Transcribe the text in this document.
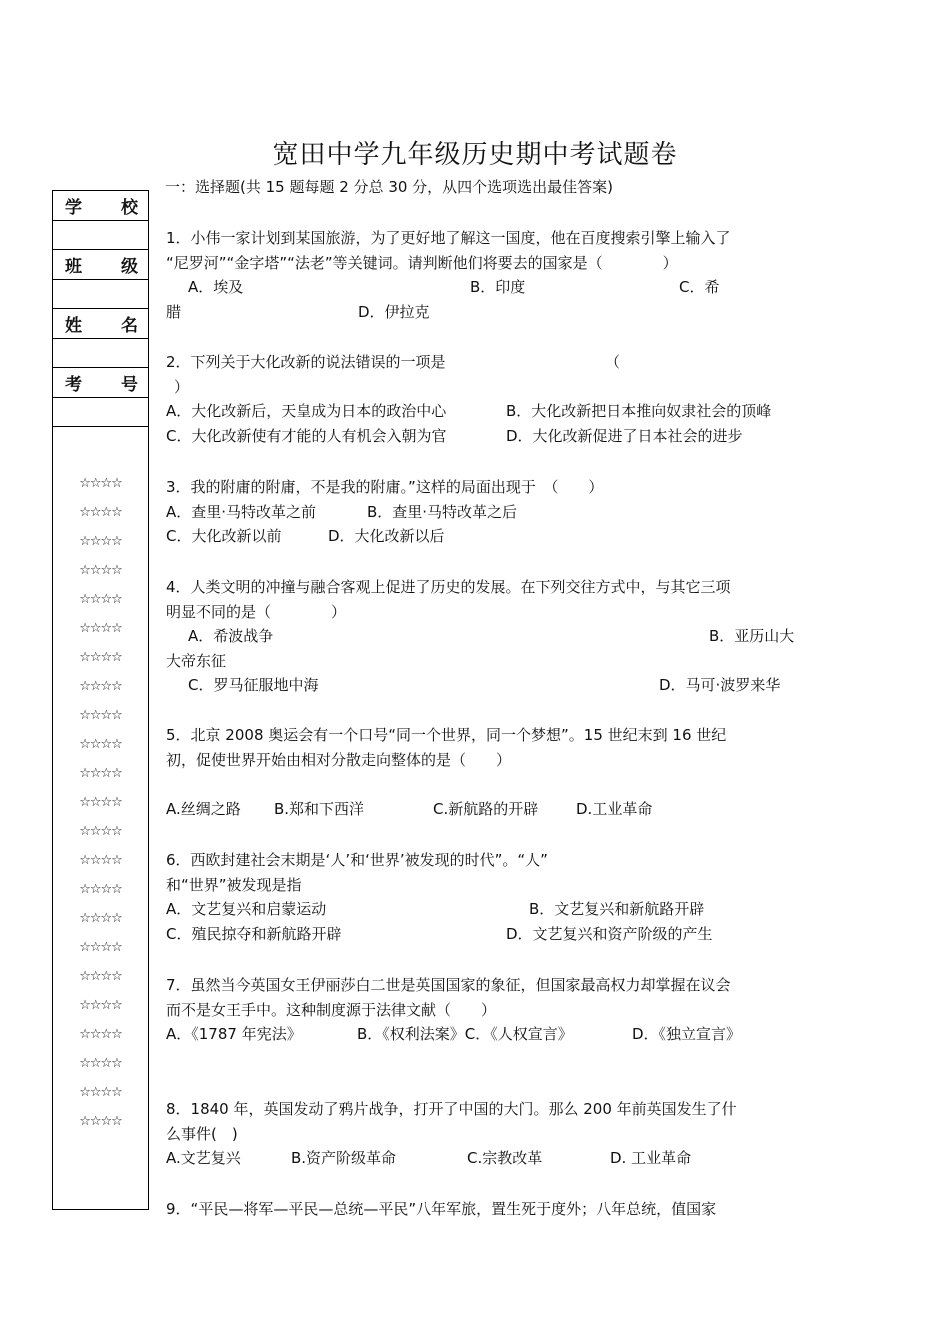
宽田中学九年级历史期中考试题卷
一：选择题(共 15 题每题 2 分总 30 分，从四个选项选出最佳答案)
学 校
班 级
姓 名
考 号
☆☆☆☆
☆☆☆☆
☆☆☆☆
☆☆☆☆
☆☆☆☆
☆☆☆☆
☆☆☆☆
☆☆☆☆
☆☆☆☆
☆☆☆☆
☆☆☆☆
☆☆☆☆
☆☆☆☆
☆☆☆☆
☆☆☆☆
☆☆☆☆
☆☆☆☆
☆☆☆☆
☆☆☆☆
☆☆☆☆
☆☆☆☆
☆☆☆☆
☆☆☆☆
1．小伟一家计划到某国旅游，为了更好地了解这一国度，他在百度搜索引擎上输入了
“尼罗河”“金字塔”“法老”等关键词。请判断他们将要去的国家是（　　　　）
A．埃及	B．印度	C．希
腊	D．伊拉克
2．下列关于大化改新的说法错误的一项是	（
）
A．大化改新后，天皇成为日本的政治中心	B．大化改新把日本推向奴隶社会的顶峰
C．大化改新使有才能的人有机会入朝为官	D．大化改新促进了日本社会的进步
3．我的附庸的附庸，不是我的附庸。”这样的局面出现于　（　　）
A．查里·马特改革之前	B．查里·马特改革之后
C．大化改新以前	D．大化改新以后
4．人类文明的冲撞与融合客观上促进了历史的发展。在下列交往方式中，与其它三项
明显不同的是（　　　　）
A．希波战争	B．亚历山大
大帝东征
C．罗马征服地中海	D．马可·波罗来华
5．北京 2008 奥运会有一个口号“同一个世界，同一个梦想”。15 世纪末到 16 世纪
初，促使世界开始由相对分散走向整体的是（　　）
A.丝绸之路 B.郑和下西洋	C.新航路的开辟	D.工业革命
6．西欧封建社会末期是‘人’和‘世界’被发现的时代”。“人”
和“世界”被发现是指
A．文艺复兴和启蒙运动	B．文艺复兴和新航路开辟
C．殖民掠夺和新航路开辟	D．文艺复兴和资产阶级的产生
7．虽然当今英国女王伊丽莎白二世是英国国家的象征，但国家最高权力却掌握在议会
而不是女王手中。这种制度源于法律文献（　　）
A．《1787 年宪法》	B．《权利法案》C．《人权宣言》	D．《独立宣言》
8．1840 年，英国发动了鸦片战争，打开了中国的大门。那么 200 年前英国发生了什
么事件(　)
A.文艺复兴	B.资产阶级革命	C.宗教改革	D. 工业革命
9．“平民—将军—平民—总统—平民”八年军旅，置生死于度外；八年总统，值国家
